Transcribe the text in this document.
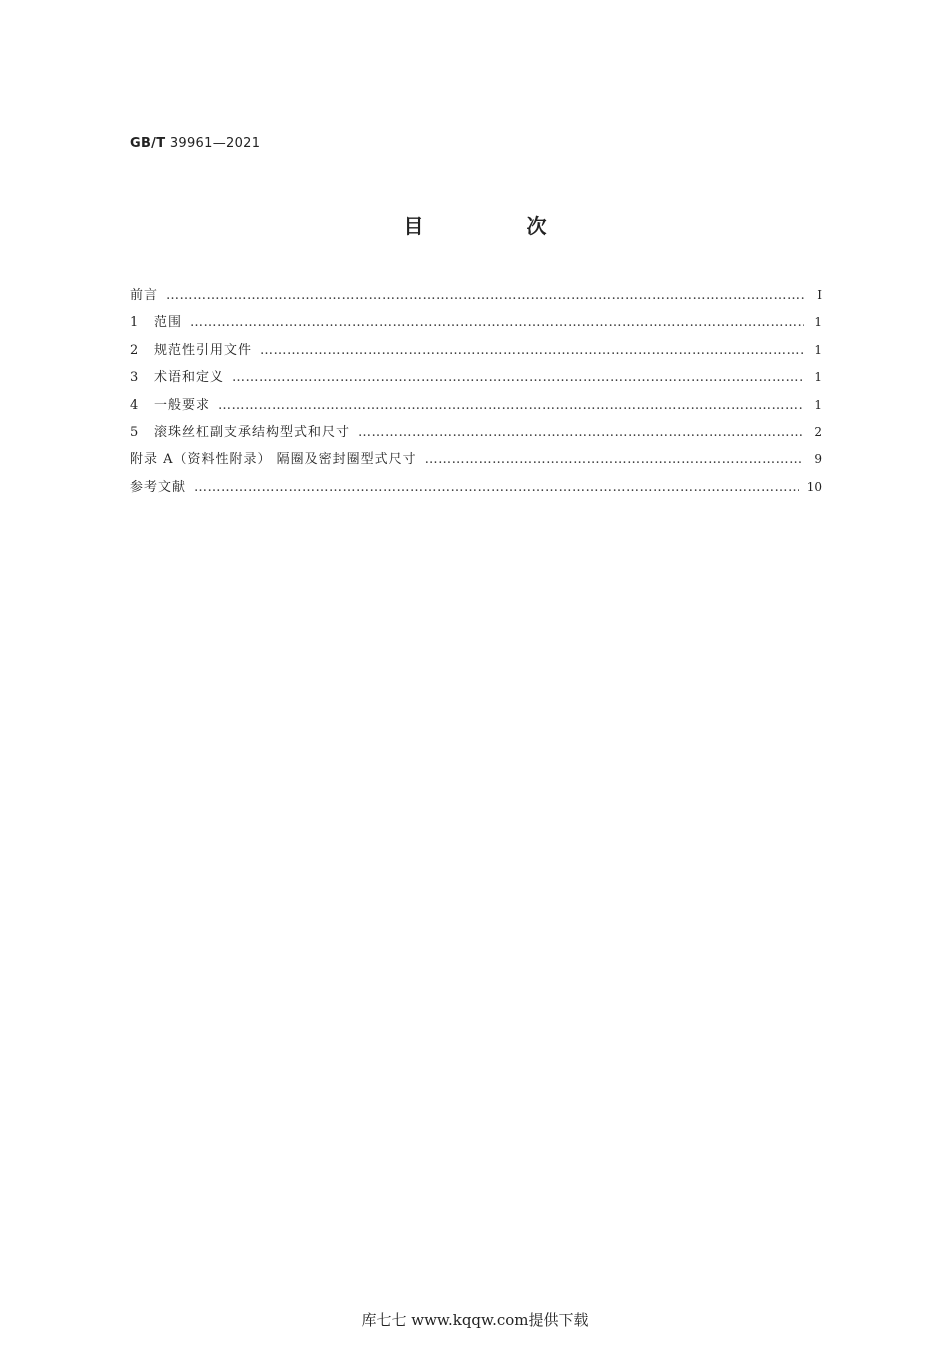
GB/T 39961—2021
目 次
前言 …………………………………………………………………………………………………………………………………………………………………………………………………………	Ⅰ
1	范围 …………………………………………………………………………………………………………………………………………………………………………………………………………	1
2	规范性引用文件 …………………………………………………………………………………………………………………………………………………………………………………………………………	1
3	术语和定义 …………………………………………………………………………………………………………………………………………………………………………………………………………	1
4	一般要求 …………………………………………………………………………………………………………………………………………………………………………………………………………	1
5	滚珠丝杠副支承结构型式和尺寸 …………………………………………………………………………………………………………………………………………………………………………………………………………	2
附录 A（资料性附录） 隔圈及密封圈型式尺寸 …………………………………………………………………………………………………………………………………………………………………………………………………………	9
参考文献 …………………………………………………………………………………………………………………………………………………………………………………………………………	10
库七七 www.kqqw.com提供下载
